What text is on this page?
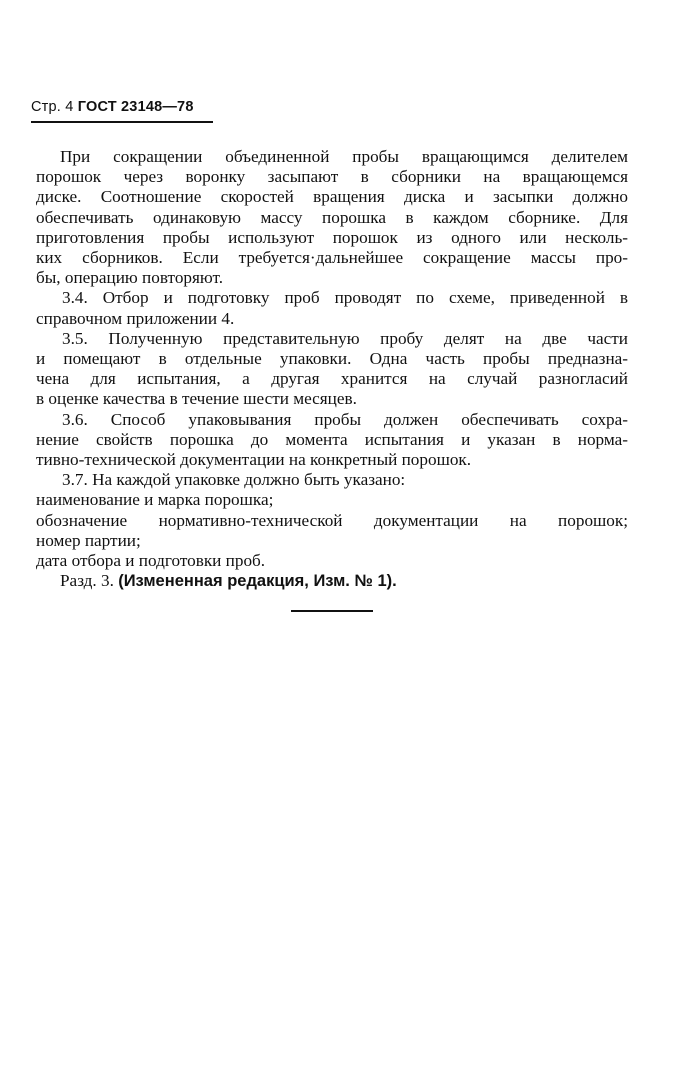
Стр. 4 ГОСТ 23148—78
При сокращении объединенной пробы вращающимся делителем
порошок через воронку засыпают в сборники на вращающемся
диске. Соотношение скоростей вращения диска и засыпки должно
обеспечивать одинаковую массу порошка в каждом сборнике. Для
приготовления пробы используют порошок из одного или несколь-
ких сборников. Если требуется·дальнейшее сокращение массы про-
бы, операцию повторяют.
3.4. Отбор и подготовку проб проводят по схеме, приведенной в
справочном приложении 4.
3.5. Полученную представительную пробу делят на две части
и помещают в отдельные упаковки. Одна часть пробы предназна-
чена для испытания, а другая хранится на случай разногласий
в оценке качества в течение шести месяцев.
3.6. Способ упаковывания пробы должен обеспечивать сохра-
нение свойств порошка до момента испытания и указан в норма-
тивно-технической документации на конкретный порошок.
3.7. На каждой упаковке должно быть указано:
наименование и марка порошка;
обозначение нормативно-технической документации на порошок;
номер партии;
дата отбора и подготовки проб.
Разд. 3. (Измененная редакция, Изм. № 1).
